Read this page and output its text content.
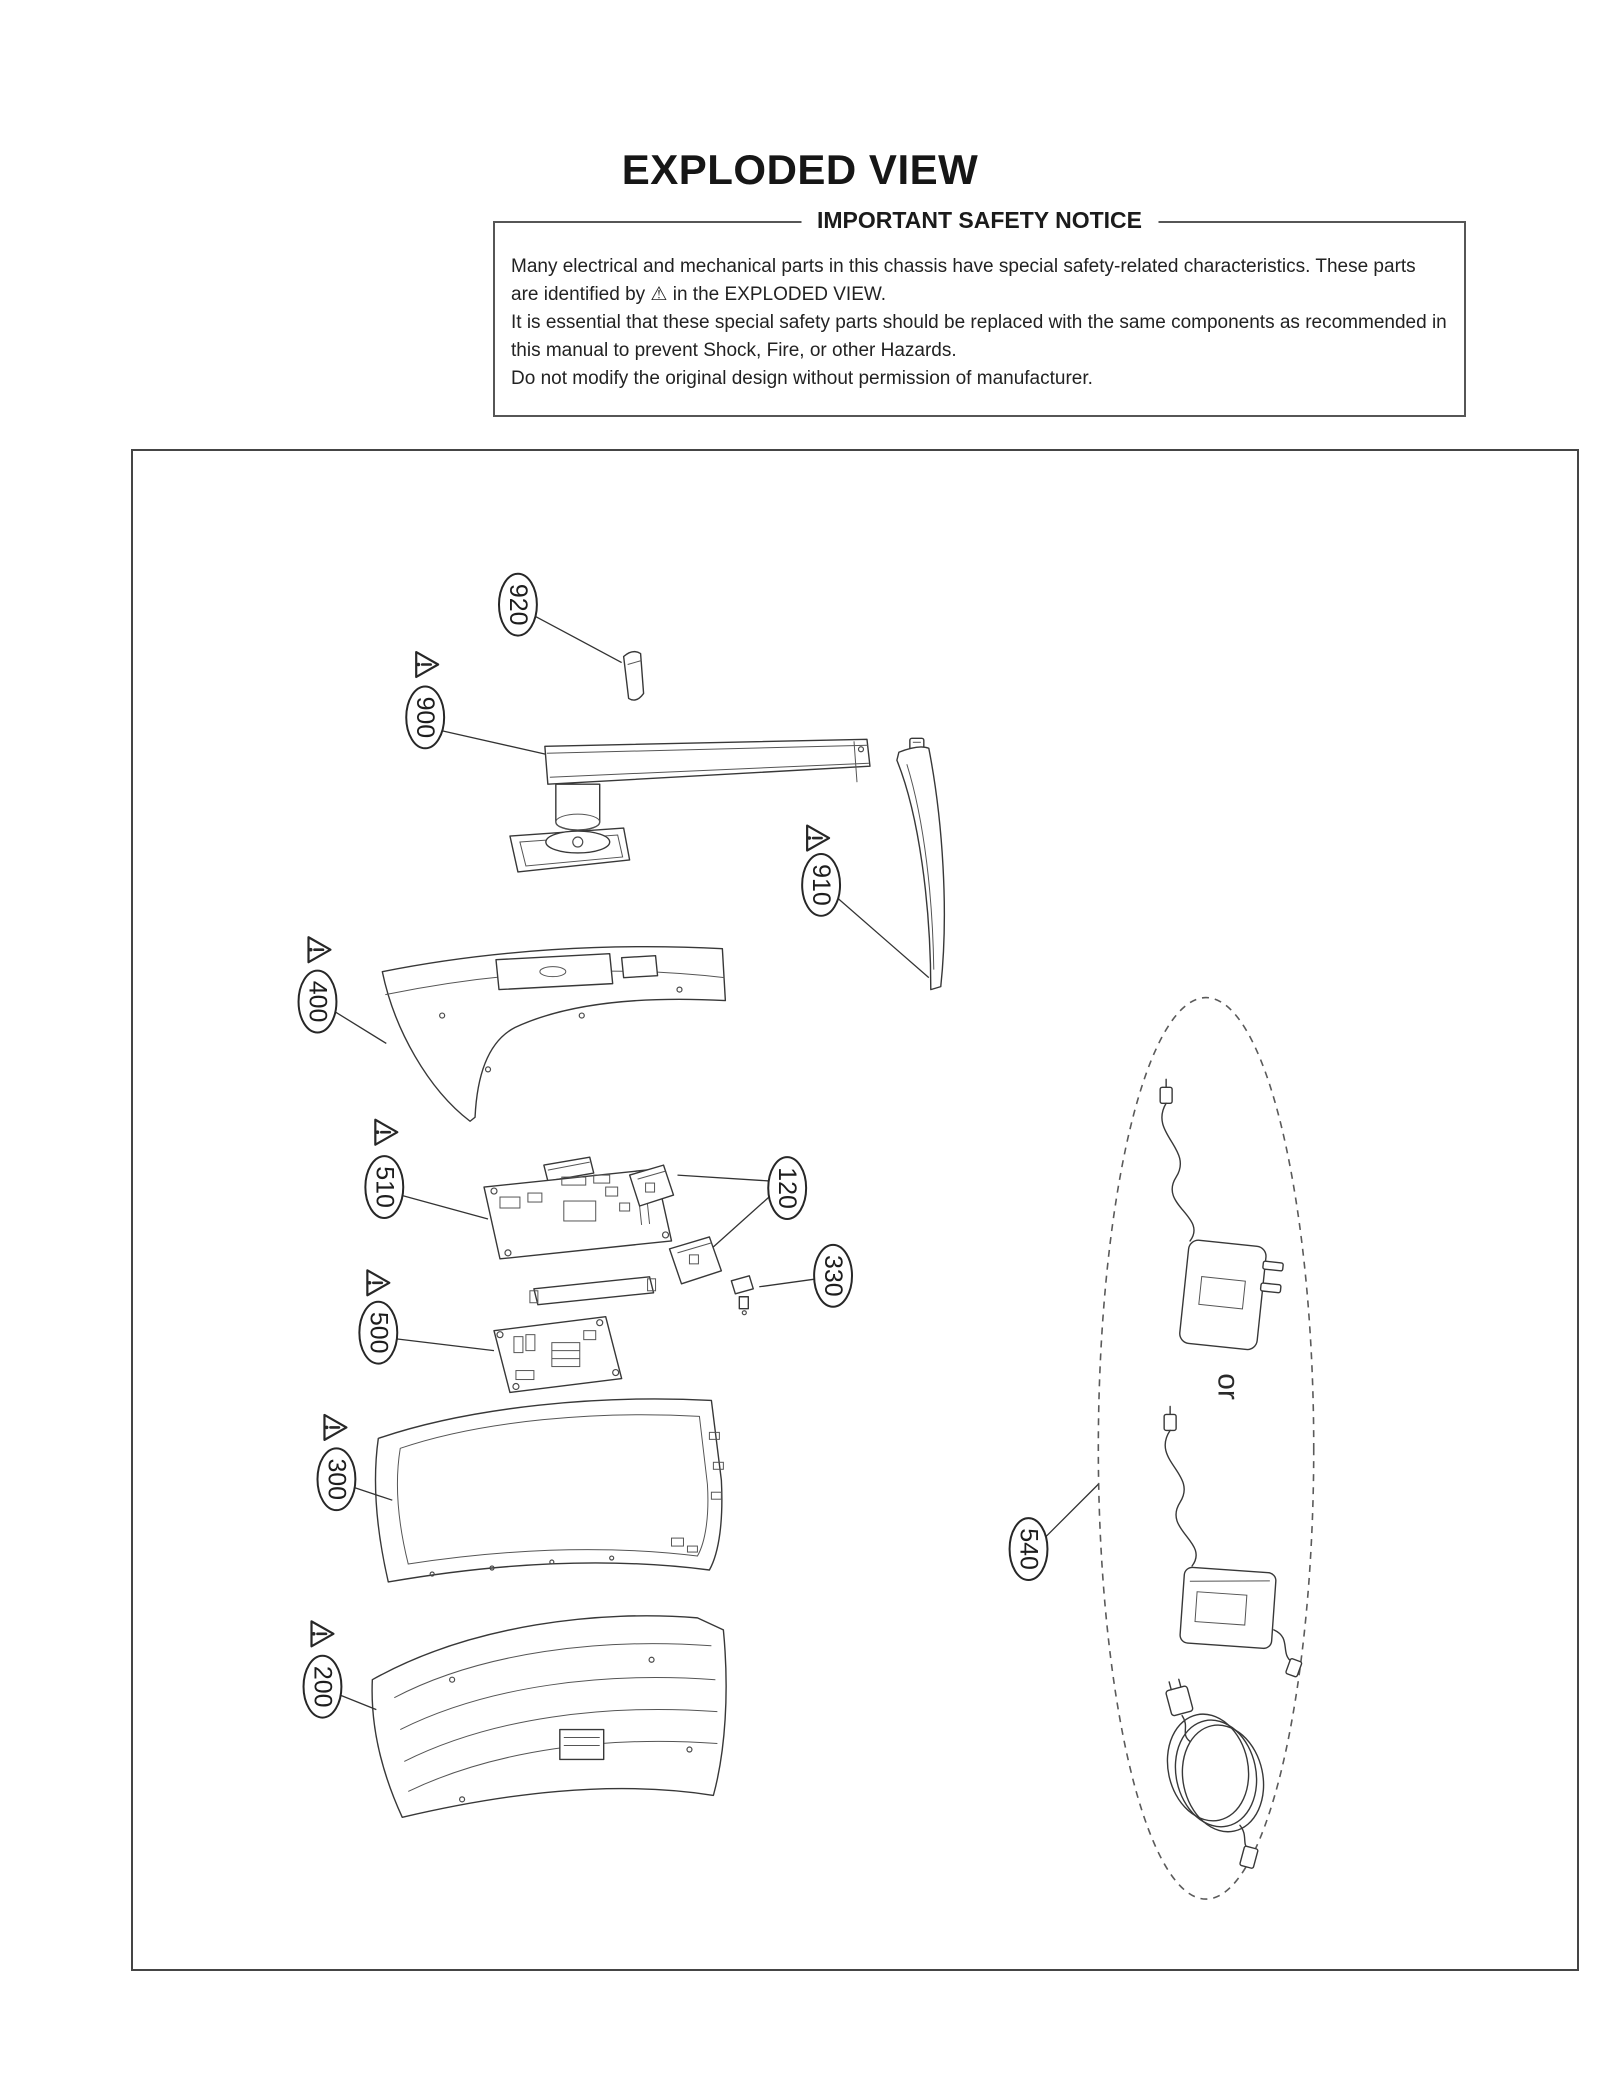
EXPLODED VIEW
IMPORTANT SAFETY NOTICE

Many electrical and mechanical parts in this chassis have special safety-related characteristics. These parts are identified by ⚠ in the EXPLODED VIEW.

It is essential that these special safety parts should be replaced with the same components as recommended in this manual to prevent Shock, Fire, or other Hazards.

Do not modify the original design without permission of manufacturer.

or
920
900
910
400
510	120
330
500
300
200
540
